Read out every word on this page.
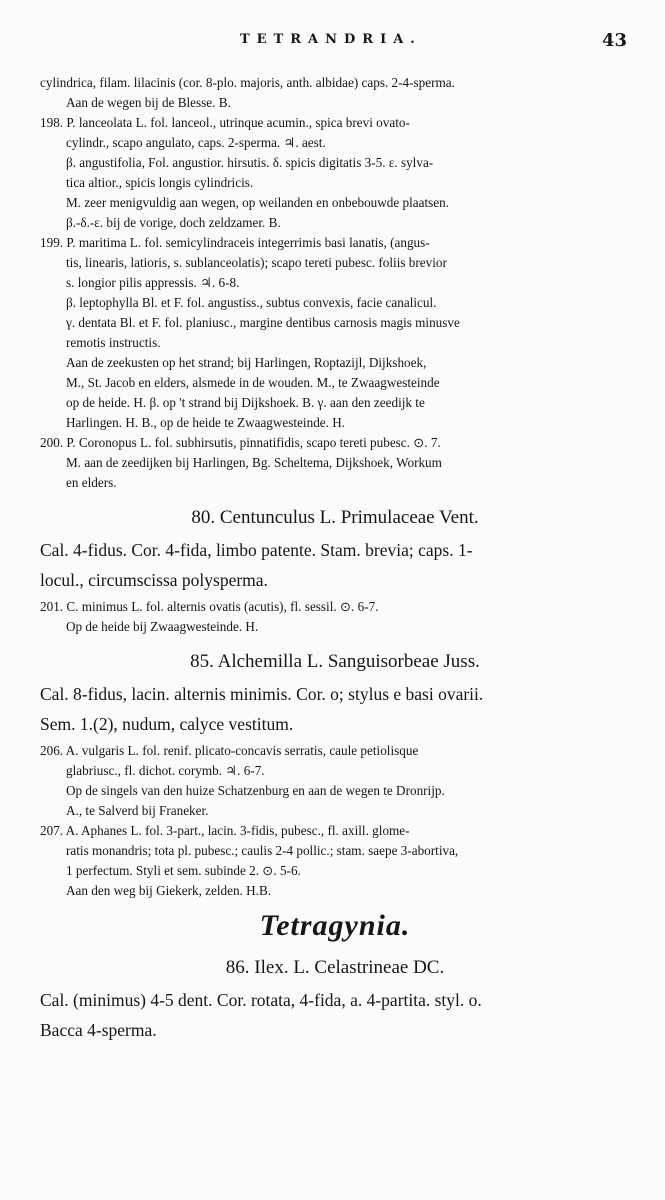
TETRANDRIA.	43

cylindrica, filam. lilacinis (cor. 8-plo. majoris, anth. albidae) caps. 2-4-sperma.

Aan de wegen bij de Blesse. B.

198. P. lanceolata L. fol. lanceol., utrinque acumin., spica brevi ovato-

cylindr., scapo angulato, caps. 2-sperma. ♃. aest.

β. angustifolia, Fol. angustior. hirsutis. δ. spicis digitatis 3-5. ε. sylva-

tica altior., spicis longis cylindricis.

M. zeer menigvuldig aan wegen, op weilanden en onbebouwde plaatsen.

β.-δ.-ε. bij de vorige, doch zeldzamer. B.

199. P. maritima L. fol. semicylindraceis integerrimis basi lanatis, (angus-

tis, linearis, latioris, s. sublanceolatis); scapo tereti pubesc. foliis brevior

s. longior pilis appressis. ♃. 6-8.

β. leptophylla Bl. et F. fol. angustiss., subtus convexis, facie canalicul.

γ. dentata Bl. et F. fol. planiusc., margine dentibus carnosis magis minusve

remotis instructis.

Aan de zeekusten op het strand; bij Harlingen, Roptazijl, Dijkshoek,

M., St. Jacob en elders, alsmede in de wouden. M., te Zwaagwesteinde

op de heide. H. β. op 't strand bij Dijkshoek. B. γ. aan den zeedijk te

Harlingen. H. B., op de heide te Zwaagwesteinde. H.

200. P. Coronopus L. fol. subhirsutis, pinnatifidis, scapo tereti pubesc. ⊙. 7.

M. aan de zeedijken bij Harlingen, Bg. Scheltema, Dijkshoek, Workum

en elders.

80. Centunculus L. Primulaceae Vent.

Cal. 4-fidus. Cor. 4-fida, limbo patente. Stam. brevia; caps. 1-

locul., circumscissa polysperma.

201. C. minimus L. fol. alternis ovatis (acutis), fl. sessil. ⊙. 6-7.

Op de heide bij Zwaagwesteinde. H.

85. Alchemilla L. Sanguisorbeae Juss.

Cal. 8-fidus, lacin. alternis minimis. Cor. o; stylus e basi ovarii.

Sem. 1.(2), nudum, calyce vestitum.

206. A. vulgaris L. fol. renif. plicato-concavis serratis, caule petiolisque

glabriusc., fl. dichot. corymb. ♃. 6-7.

Op de singels van den huize Schatzenburg en aan de wegen te Dronrijp.

A., te Salverd bij Franeker.

207. A. Aphanes L. fol. 3-part., lacin. 3-fidis, pubesc., fl. axill. glome-

ratis monandris; tota pl. pubesc.; caulis 2-4 pollic.; stam. saepe 3-abortiva,

1 perfectum. Styli et sem. subinde 2. ⊙. 5-6.

Aan den weg bij Giekerk, zelden. H.B.

Tetragynia.
86. Ilex. L. Celastrineae DC.

Cal. (minimus) 4-5 dent. Cor. rotata, 4-fida, a. 4-partita. styl. o.

Bacca 4-sperma.
